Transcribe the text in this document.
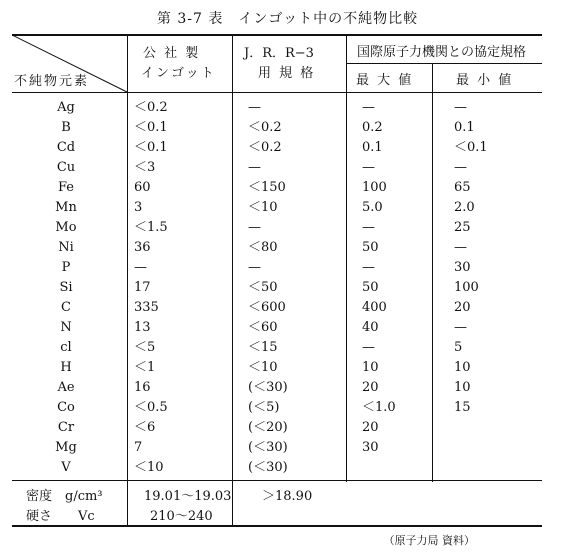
第 3-7 表　インゴット中の不純物比較
不純物元素
公 社 製
インゴット
J．R．R−3
用 規 格
国際原子力機関との協定規格
最 大 値	最 小 値
Ag	＜0.2	—	—	—
B	＜0.1	＜0.2	0.2	0.1
Cd	＜0.1	＜0.2	0.1	＜0.1
Cu	＜3	—	—	—
Fe	60	＜150	100	65
Mn	3	＜10	5.0	2.0
Mo	＜1.5	—	—	25
Ni	36	＜80	50	—
P	—	—	—	30
Si	17	＜50	50	100
C	335	＜600	400	20
N	13	＜60	40	—
cl	＜5	＜15	—	5
H	＜1	＜10	10	10
Ae	16	(＜30)	20	10
Co	＜0.5	(＜5)	＜1.0	15
Cr	＜6	(＜20)	20
Mg	7	(＜30)	30
V	＜10	(＜30)
密度　g/cm³	19.01～19.03 ＞18.90
硬さ　　Vc	210～240
（原子力局 資料）
